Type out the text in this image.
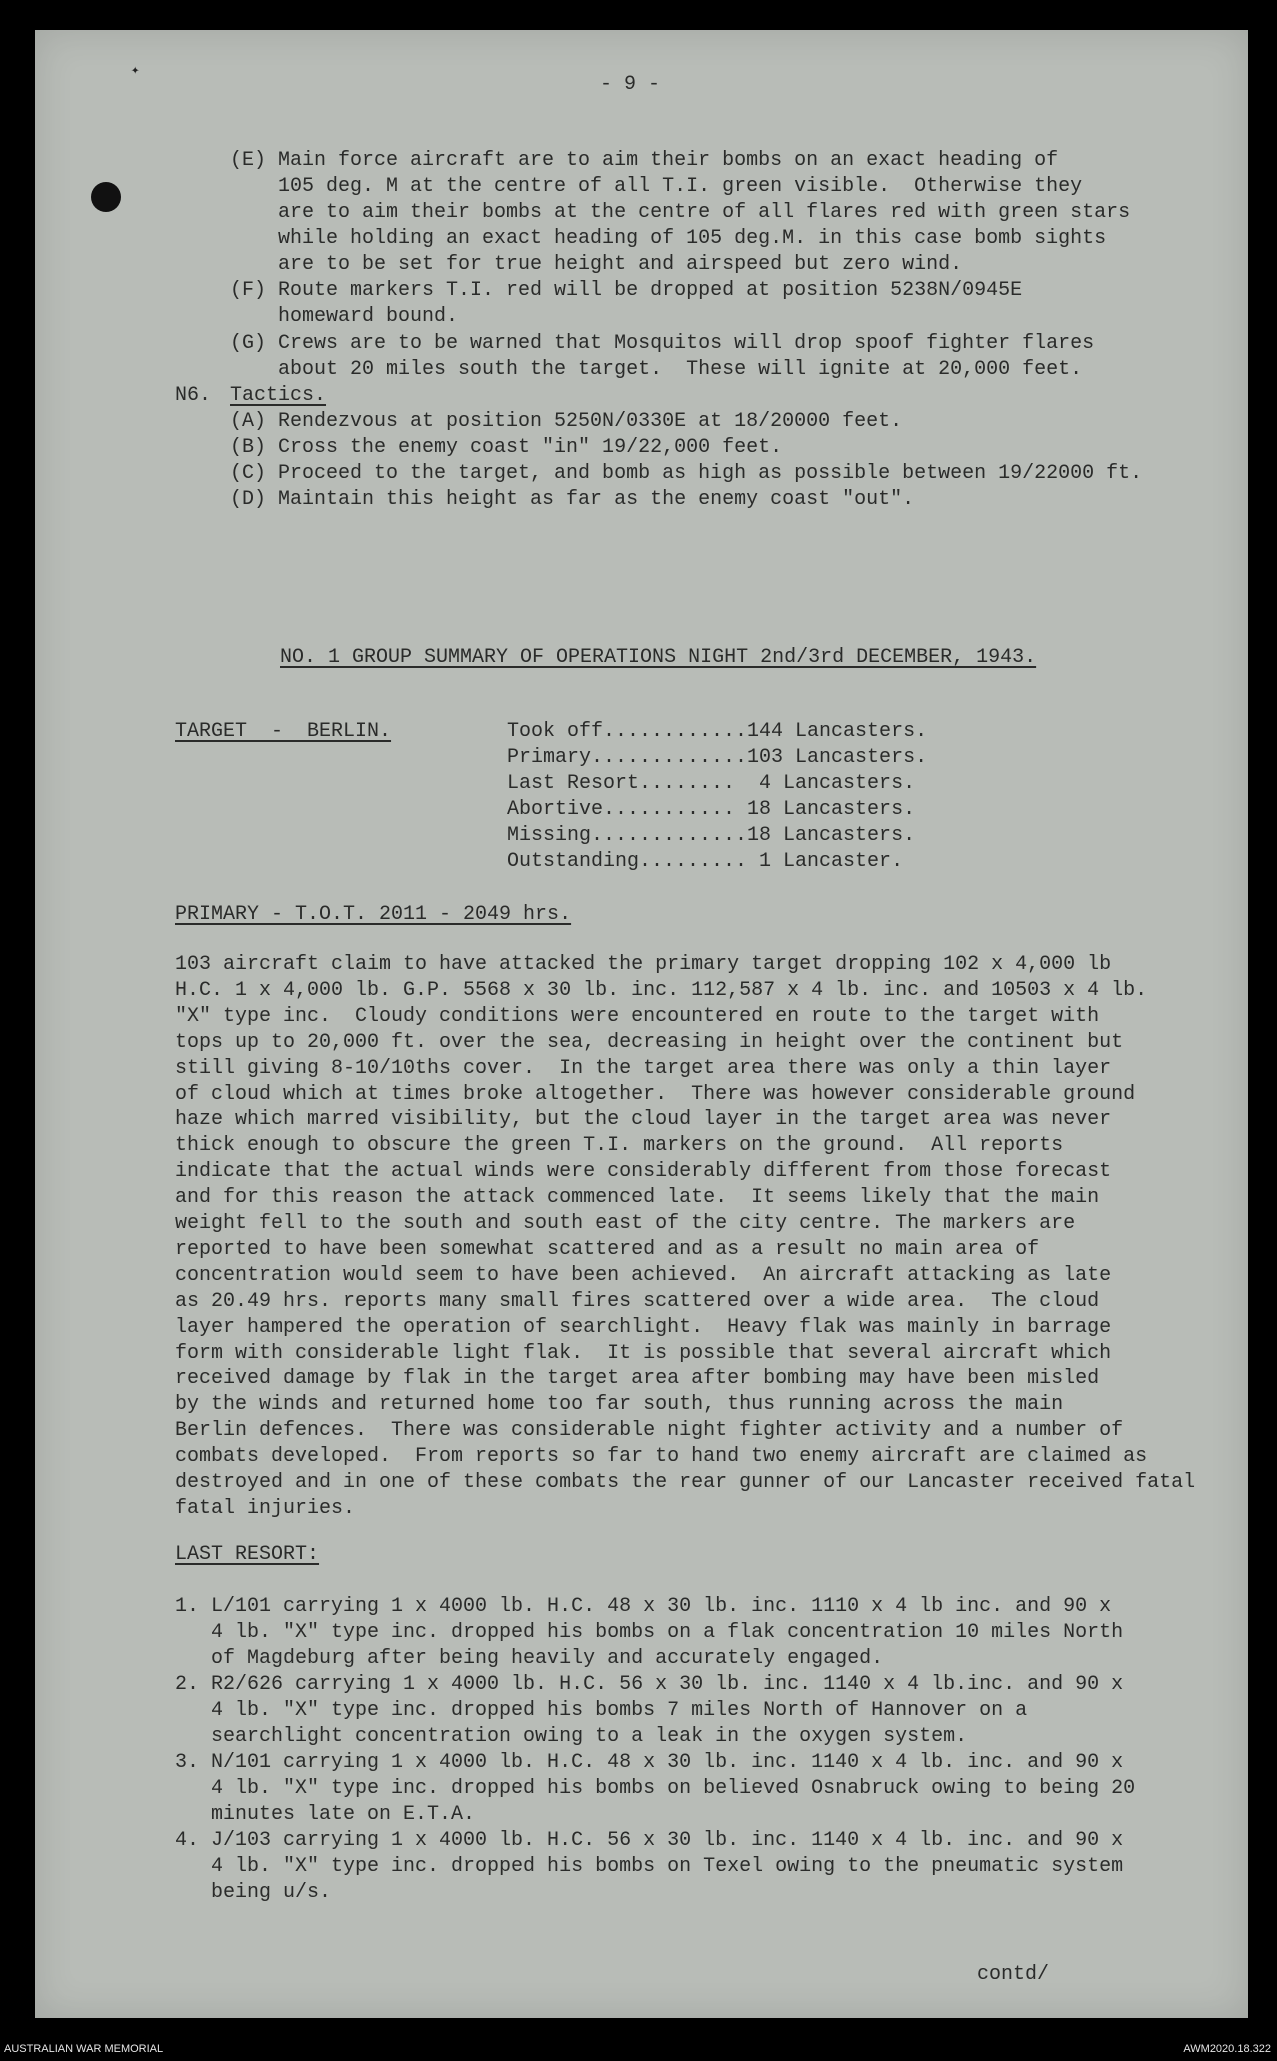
✦
- 9 -
(E) Main force aircraft are to aim their bombs on an exact heading of
105 deg. M at the centre of all T.I. green visible.  Otherwise they
are to aim their bombs at the centre of all flares red with green stars
while holding an exact heading of 105 deg.M. in this case bomb sights
are to be set for true height and airspeed but zero wind.
(F) Route markers T.I. red will be dropped at position 5238N/0945E
homeward bound.
(G) Crews are to be warned that Mosquitos will drop spoof fighter flares
about 20 miles south the target.  These will ignite at 20,000 feet.
N6. Tactics.
(A) Rendezvous at position 5250N/0330E at 18/20000 feet.
(B) Cross the enemy coast "in" 19/22,000 feet.
(C) Proceed to the target, and bomb as high as possible between 19/22000 ft.
(D) Maintain this height as far as the enemy coast "out".
NO. 1 GROUP SUMMARY OF OPERATIONS NIGHT 2nd/3rd DECEMBER, 1943.
TARGET  -  BERLIN.	Took off............144 Lancasters.
Primary.............103 Lancasters.
Last Resort........  4 Lancasters.
Abortive........... 18 Lancasters.
Missing.............18 Lancasters.
Outstanding......... 1 Lancaster.
PRIMARY - T.O.T. 2011 - 2049 hrs.
103 aircraft claim to have attacked the primary target dropping 102 x 4,000 lb
H.C. 1 x 4,000 lb. G.P. 5568 x 30 lb. inc. 112,587 x 4 lb. inc. and 10503 x 4 lb.
"X" type inc.  Cloudy conditions were encountered en route to the target with
tops up to 20,000 ft. over the sea, decreasing in height over the continent but
still giving 8-10/10ths cover.  In the target area there was only a thin layer
of cloud which at times broke altogether.  There was however considerable ground
haze which marred visibility, but the cloud layer in the target area was never
thick enough to obscure the green T.I. markers on the ground.  All reports
indicate that the actual winds were considerably different from those forecast
and for this reason the attack commenced late.  It seems likely that the main
weight fell to the south and south east of the city centre. The markers are
reported to have been somewhat scattered and as a result no main area of
concentration would seem to have been achieved.  An aircraft attacking as late
as 20.49 hrs. reports many small fires scattered over a wide area.  The cloud
layer hampered the operation of searchlight.  Heavy flak was mainly in barrage
form with considerable light flak.  It is possible that several aircraft which
received damage by flak in the target area after bombing may have been misled
by the winds and returned home too far south, thus running across the main
Berlin defences.  There was considerable night fighter activity and a number of
combats developed.  From reports so far to hand two enemy aircraft are claimed as
destroyed and in one of these combats the rear gunner of our Lancaster received fatal
fatal injuries.
LAST RESORT:
1. L/101 carrying 1 x 4000 lb. H.C. 48 x 30 lb. inc. 1110 x 4 lb inc. and 90 x
4 lb. "X" type inc. dropped his bombs on a flak concentration 10 miles North
of Magdeburg after being heavily and accurately engaged.
2. R2/626 carrying 1 x 4000 lb. H.C. 56 x 30 lb. inc. 1140 x 4 lb.inc. and 90 x
4 lb. "X" type inc. dropped his bombs 7 miles North of Hannover on a
searchlight concentration owing to a leak in the oxygen system.
3. N/101 carrying 1 x 4000 lb. H.C. 48 x 30 lb. inc. 1140 x 4 lb. inc. and 90 x
4 lb. "X" type inc. dropped his bombs on believed Osnabruck owing to being 20
minutes late on E.T.A.
4. J/103 carrying 1 x 4000 lb. H.C. 56 x 30 lb. inc. 1140 x 4 lb. inc. and 90 x
4 lb. "X" type inc. dropped his bombs on Texel owing to the pneumatic system
being u/s.
contd/
AUSTRALIAN WAR MEMORIAL	AWM2020.18.322
